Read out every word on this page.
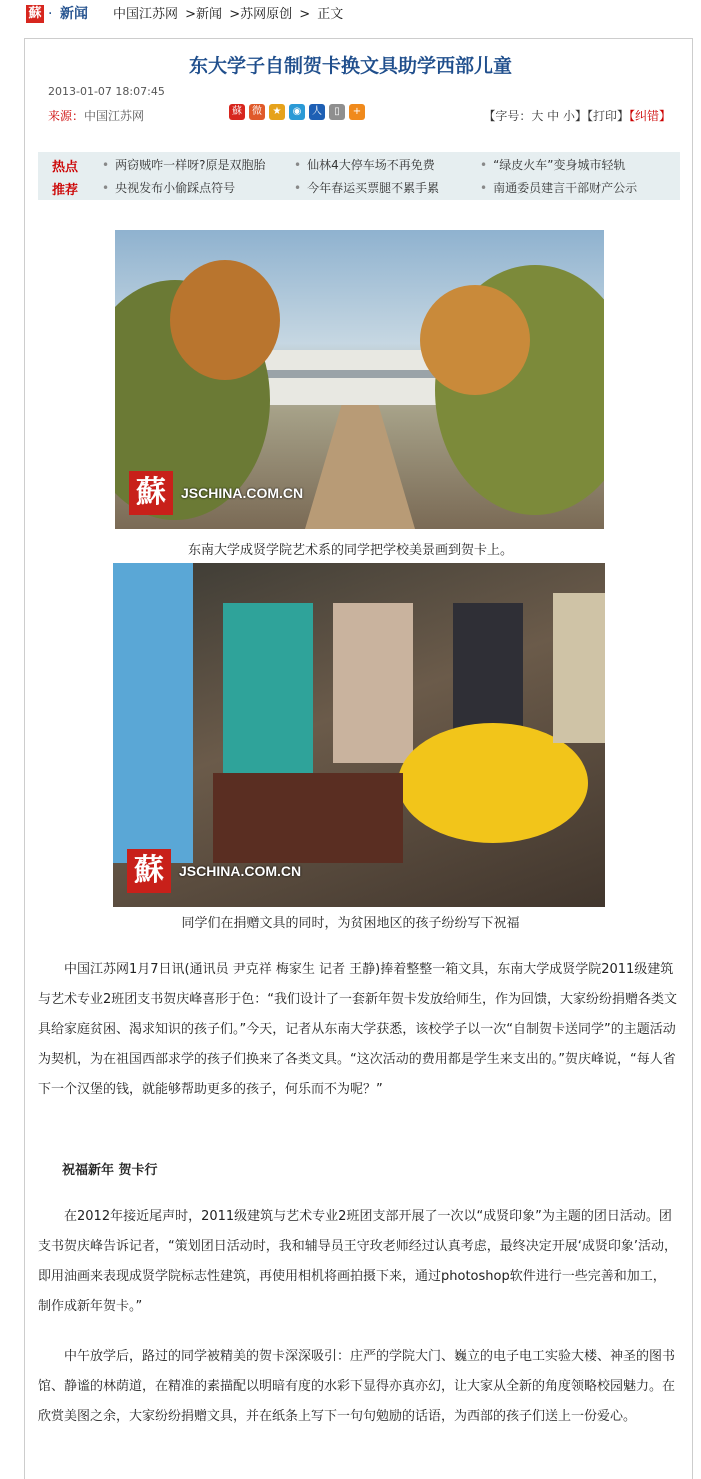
蘇 · 新闻 中国江苏网 >新闻 >苏网原创 > 正文
东大学子自制贺卡换文具助学西部儿童
2013-01-07 18:07:45
来源：中国江苏网	蘇 微 ★ ◉ 人 ▯ +	【字号：大 中 小】【打印】【纠错】
热点
推荐
• 两窃贼咋一样呀?原是双胞胎	• 仙林4大停车场不再免费	• “绿皮火车”变身城市轻轨
• 央视发布小偷踩点符号	• 今年春运买票腿不累手累	• 南通委员建言干部财产公示
蘇	JSCHINA.COM.CN
东南大学成贤学院艺术系的同学把学校美景画到贺卡上。
蘇	JSCHINA.COM.CN
同学们在捐赠文具的同时，为贫困地区的孩子纷纷写下祝福

中国江苏网1月7日讯(通讯员 尹克祥 梅家生 记者 王静)捧着整整一箱文具，东南大学成贤学院2011级建筑与艺术专业2班团支书贺庆峰喜形于色：“我们设计了一套新年贺卡发放给师生，作为回馈，大家纷纷捐赠各类文具给家庭贫困、渴求知识的孩子们。”今天，记者从东南大学获悉，该校学子以一次“自制贺卡送同学”的主题活动为契机，为在祖国西部求学的孩子们换来了各类文具。“这次活动的费用都是学生来支出的。”贺庆峰说，“每人省下一个汉堡的钱，就能够帮助更多的孩子，何乐而不为呢？”

祝福新年 贺卡行

在2012年接近尾声时，2011级建筑与艺术专业2班团支部开展了一次以“成贤印象”为主题的团日活动。团支书贺庆峰告诉记者，“策划团日活动时，我和辅导员王守玫老师经过认真考虑，最终决定开展‘成贤印象’活动，即用油画来表现成贤学院标志性建筑，再使用相机将画拍摄下来，通过photoshop软件进行一些完善和加工，制作成新年贺卡。”

中午放学后，路过的同学被精美的贺卡深深吸引：庄严的学院大门、巍立的电子电工实验大楼、神圣的图书馆、静谧的林荫道，在精准的素描配以明暗有度的水彩下显得亦真亦幻，让大家从全新的角度领略校园魅力。在欣赏美图之余，大家纷纷捐赠文具，并在纸条上写下一句句勉励的话语，为西部的孩子们送上一份爱心。
